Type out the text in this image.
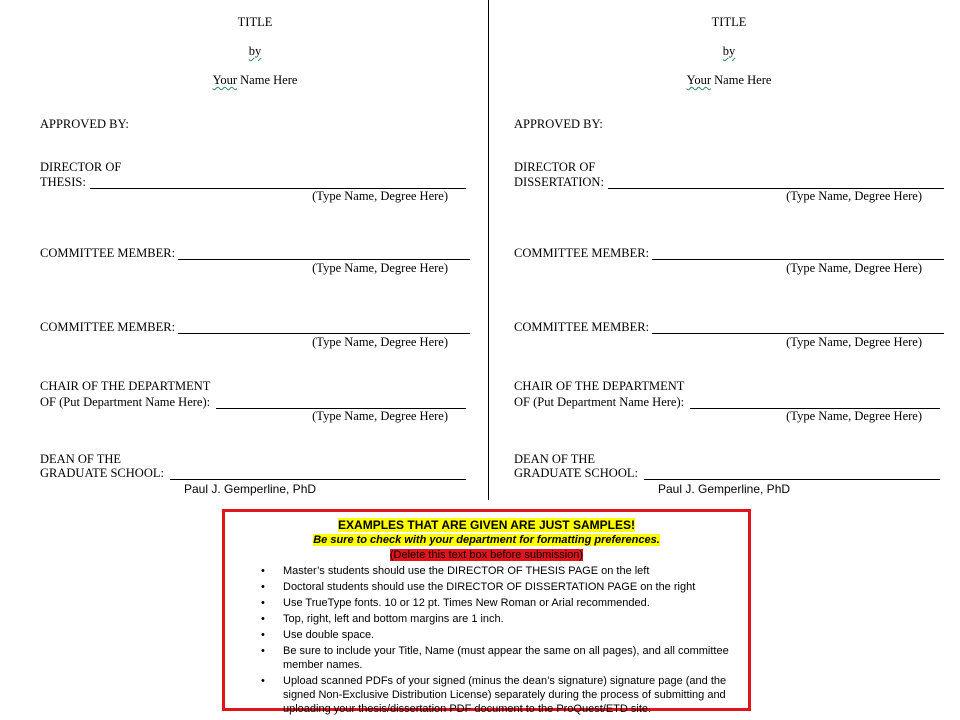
TITLE
by
Your Name Here
APPROVED BY:
DIRECTOR OF
THESIS:
(Type Name, Degree Here)
COMMITTEE MEMBER:
(Type Name, Degree Here)
COMMITTEE MEMBER:
(Type Name, Degree Here)
CHAIR OF THE DEPARTMENT
OF (Put Department Name Here):
(Type Name, Degree Here)
DEAN OF THE
GRADUATE SCHOOL:
Paul J. Gemperline, PhD
TITLE
by
Your Name Here
APPROVED BY:
DIRECTOR OF
DISSERTATION:
(Type Name, Degree Here)
COMMITTEE MEMBER:
(Type Name, Degree Here)
COMMITTEE MEMBER:
(Type Name, Degree Here)
CHAIR OF THE DEPARTMENT
OF (Put Department Name Here):
(Type Name, Degree Here)
DEAN OF THE
GRADUATE SCHOOL:
Paul J. Gemperline, PhD
EXAMPLES THAT ARE GIVEN ARE JUST SAMPLES!
Be sure to check with your department for formatting preferences.
(Delete this text box before submission)
• Master’s students should use the DIRECTOR OF THESIS PAGE on the left
• Doctoral students should use the DIRECTOR OF DISSERTATION PAGE on the right
• Use TrueType fonts. 10 or 12 pt. Times New Roman or Arial recommended.
• Top, right, left and bottom margins are 1 inch.
• Use double space.
• Be sure to include your Title, Name (must appear the same on all pages), and all committee member names.
• Upload scanned PDFs of your signed (minus the dean’s signature) signature page (and the signed Non-Exclusive Distribution License) separately during the process of submitting and uploading your thesis/dissertation PDF document to the ProQuest/ETD site.
